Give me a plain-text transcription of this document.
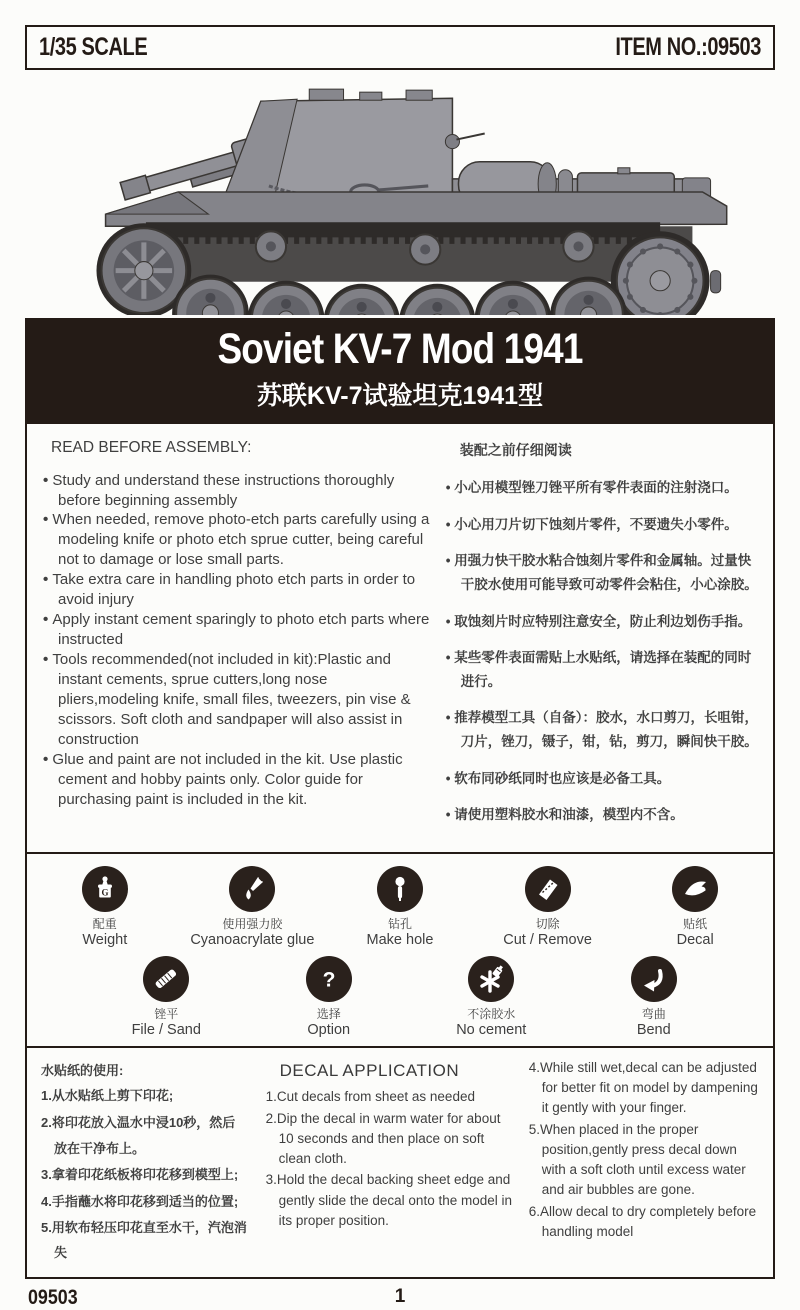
1/35 SCALE	ITEM NO.:09503
Soviet KV-7 Mod 1941
苏联KV-7试验坦克1941型
READ BEFORE ASSEMBLY:
• Study and understand these instructions thoroughly before beginning assembly
• When needed, remove photo-etch parts carefully using a modeling knife or photo etch sprue cutter, being careful not to damage or lose small parts.
• Take extra care in handling photo etch parts in order to avoid injury
• Apply instant cement sparingly to photo etch parts where instructed
• Tools recommended(not included in kit):Plastic and instant cements, sprue cutters,long nose pliers,modeling knife, small files, tweezers, pin vise & scissors. Soft cloth and sandpaper will also assist in construction
• Glue and paint are not included in the kit. Use plastic cement and hobby paints only. Color guide for purchasing paint is included in the kit.
装配之前仔细阅读
• 小心用模型锉刀锉平所有零件表面的注射浇口。
• 小心用刀片切下蚀刻片零件，不要遗失小零件。
• 用强力快干胶水粘合蚀刻片零件和金属轴。过量快干胶水使用可能导致可动零件会粘住，小心涂胶。
• 取蚀刻片时应特别注意安全，防止利边划伤手指。
• 某些零件表面需贴上水贴纸，请选择在装配的同时进行。
• 推荐模型工具（自备）：胶水，水口剪刀，长咀钳，刀片，锉刀，镊子，钳，钻，剪刀，瞬间快干胶。
• 软布同砂纸同时也应该是必备工具。
• 请使用塑料胶水和油漆，模型内不含。
G
配重
Weight
使用强力胶
Cyanoacrylate glue
钻孔
Make hole
切除
Cut / Remove
贴纸
Decal
锉平
File / Sand
?
选择
Option
不涂胶水
No cement
弯曲
Bend
水贴纸的使用:
1.从水贴纸上剪下印花;
2.将印花放入温水中浸10秒，然后
　放在干净布上。
3.拿着印花纸板将印花移到模型上;
4.手指蘸水将印花移到适当的位置;
5.用软布轻压印花直至水干，汽泡消失
DECAL APPLICATION
1.Cut decals from sheet as needed
2.Dip the decal in warm water for about 10 seconds and then place on soft clean cloth.
3.Hold the decal backing sheet edge and gently slide the decal onto the model in its proper position.
4.While still wet,decal can be adjusted for better fit on model by dampening it gently with your finger.
5.When placed in the proper position,gently press decal down with a soft cloth until excess water and air bubbles are gone.
6.Allow decal to dry completely before handling model
09503	1
